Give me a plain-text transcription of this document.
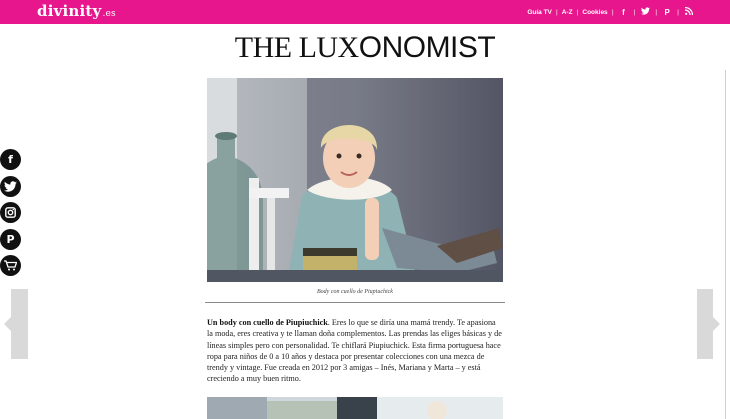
divinity.es	Guía TV | A-Z | Cookies |	f	|	| P	|
THE LUXONOMIST
Body con cuello de Piupiuchick
Un body con cuello de Piupiuchick. Eres lo que se diría una mamá trendy. Te apasiona la moda, eres creativa y te llaman doña complementos. Las prendas las eliges básicas y de líneas simples pero con personalidad. Te chiflará Piupiuchick. Esta firma portuguesa hace ropa para niños de 0 a 10 años y destaca por presentar colecciones con una mezca de trendy y vintage. Fue creada en 2012 por 3 amigas – Inés, Mariana y Marta – y está creciendo a muy buen ritmo.
f
P
